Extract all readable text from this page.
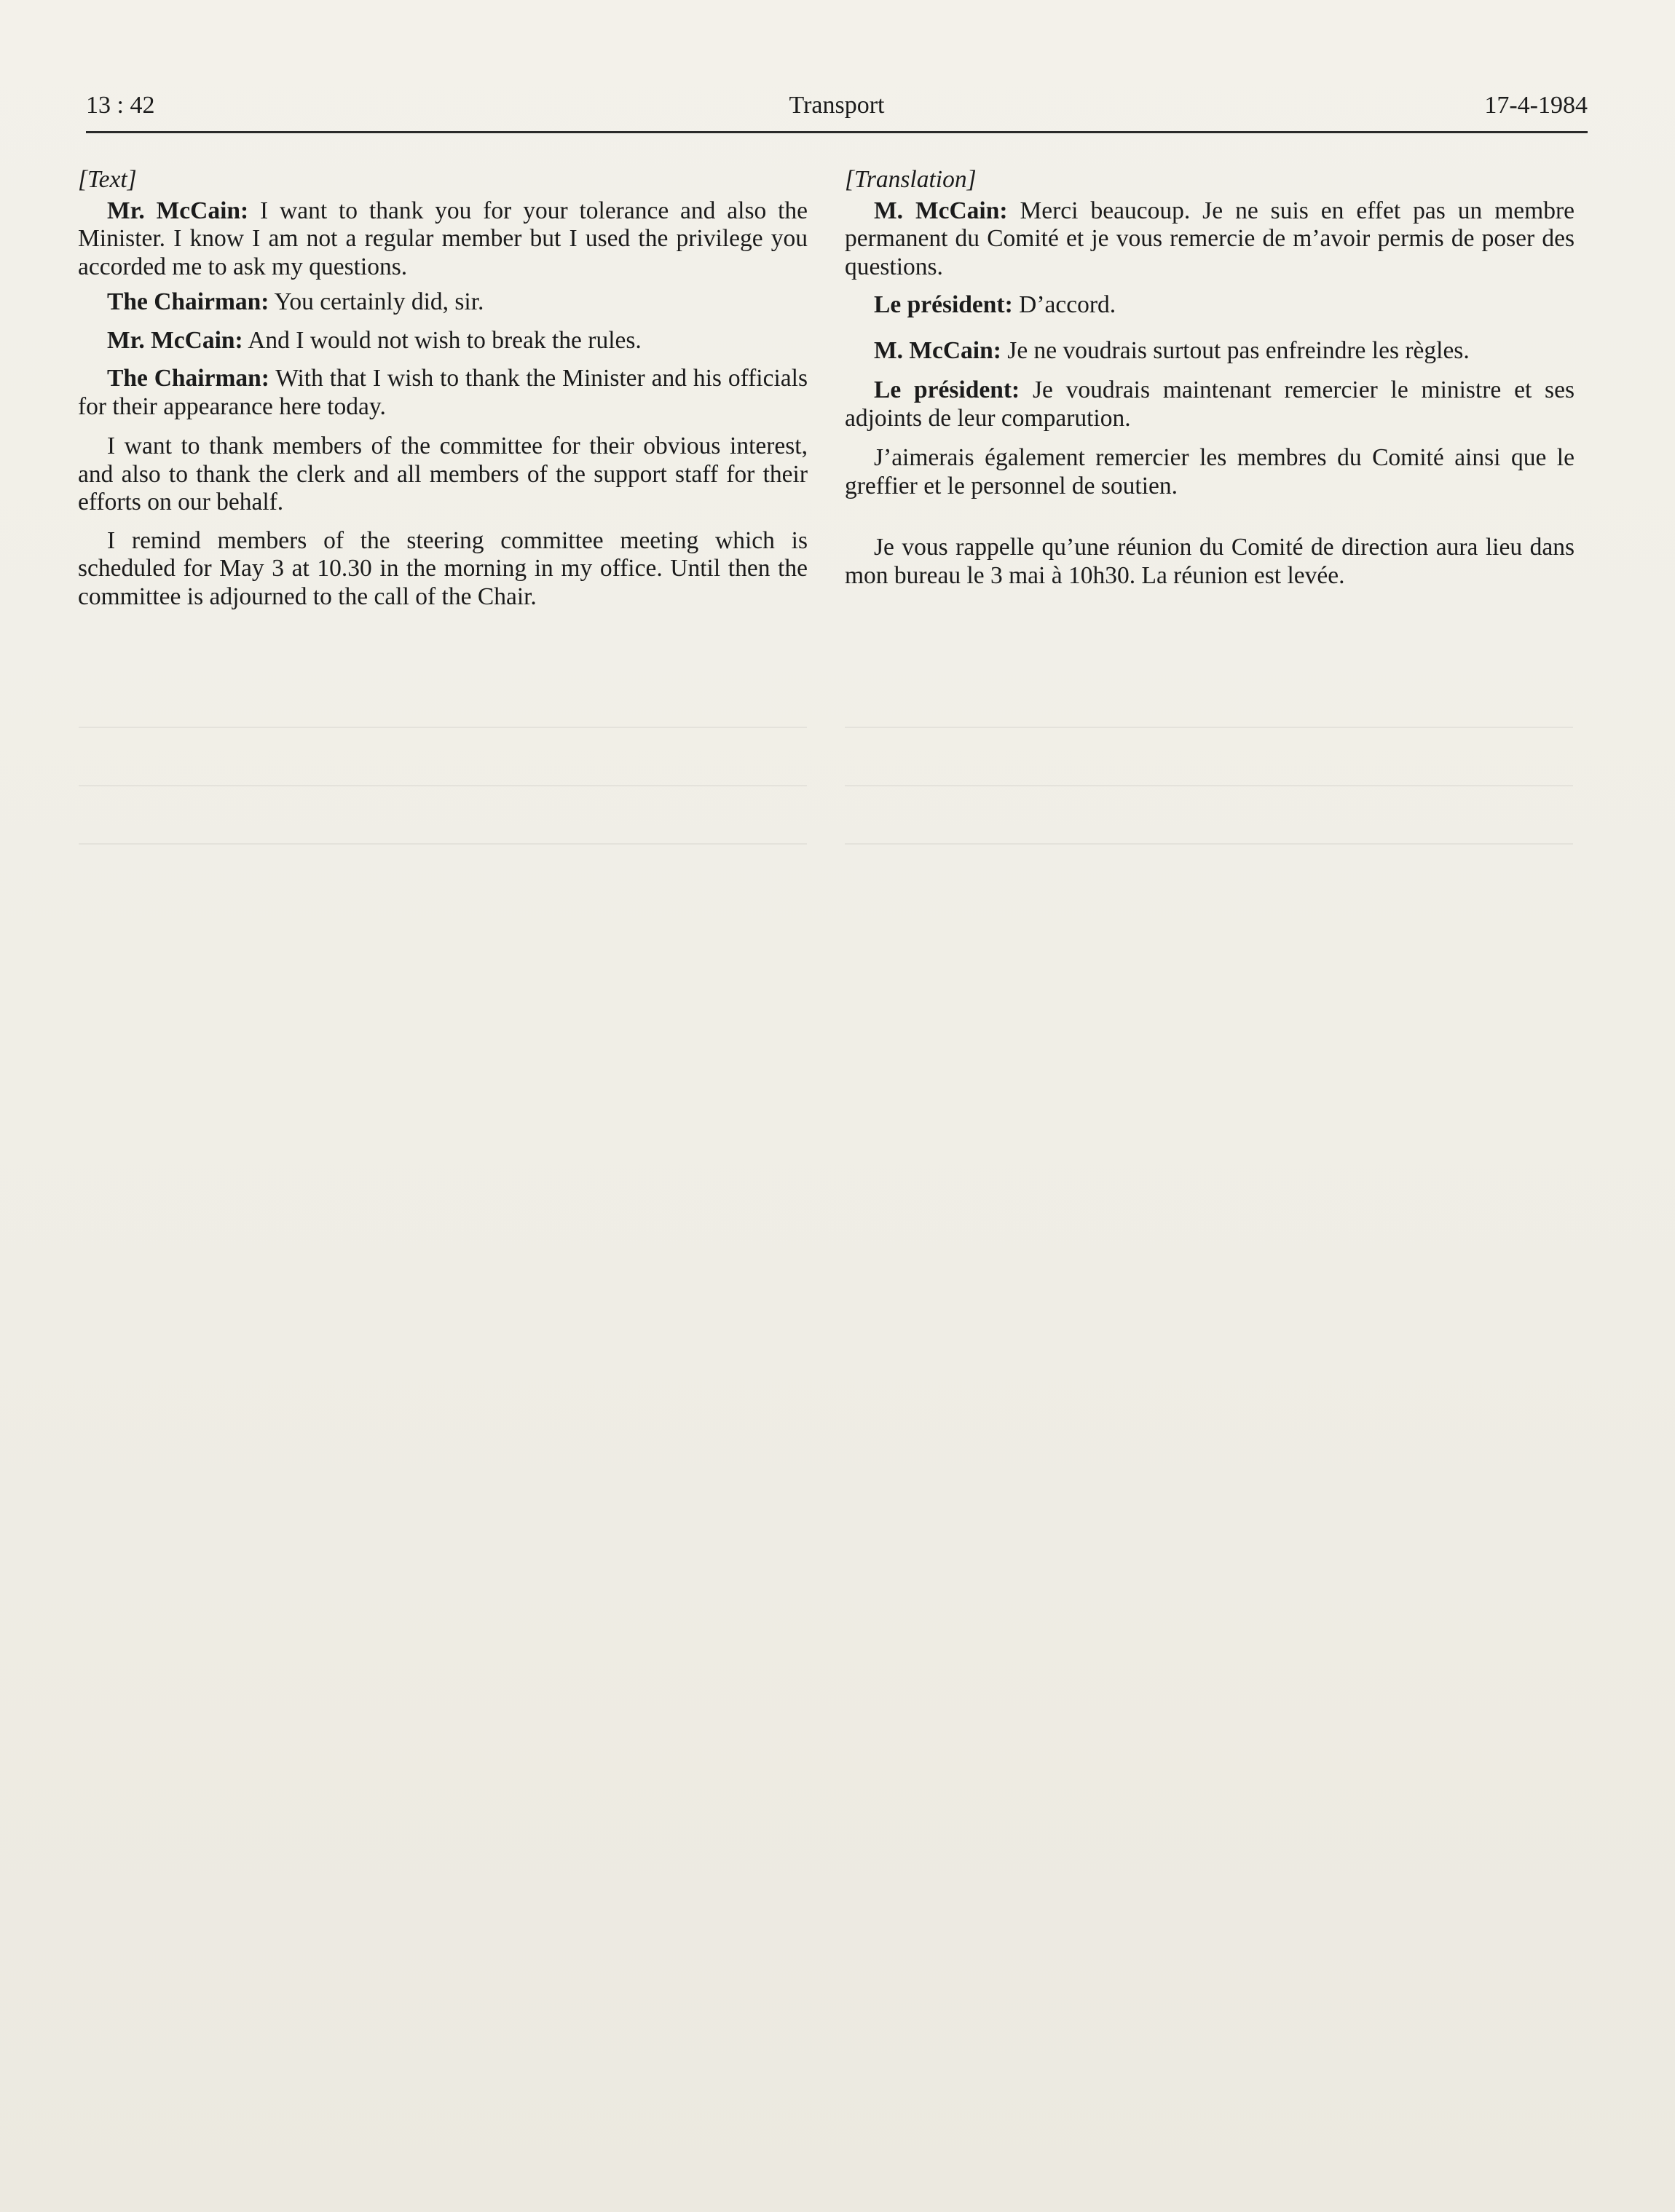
13 : 42	Transport	17-4-1984
[Text]

Mr. McCain: I want to thank you for your tolerance and also the Minister. I know I am not a regular member but I used the privilege you accorded me to ask my questions.

The Chairman: You certainly did, sir.

Mr. McCain: And I would not wish to break the rules.

The Chairman: With that I wish to thank the Minister and his officials for their appearance here today.

I want to thank members of the committee for their obvious interest, and also to thank the clerk and all members of the support staff for their efforts on our behalf.

I remind members of the steering committee meeting which is scheduled for May 3 at 10.30 in the morning in my office. Until then the committee is adjourned to the call of the Chair.

[Translation]

M. McCain: Merci beaucoup. Je ne suis en effet pas un membre permanent du Comité et je vous remercie de m’avoir permis de poser des questions.

Le président: D’accord.

M. McCain: Je ne voudrais surtout pas enfreindre les règles.

Le président: Je voudrais maintenant remercier le ministre et ses adjoints de leur comparution.

J’aimerais également remercier les membres du Comité ainsi que le greffier et le personnel de soutien.

Je vous rappelle qu’une réunion du Comité de direction aura lieu dans mon bureau le 3 mai à 10h30. La réunion est levée.
